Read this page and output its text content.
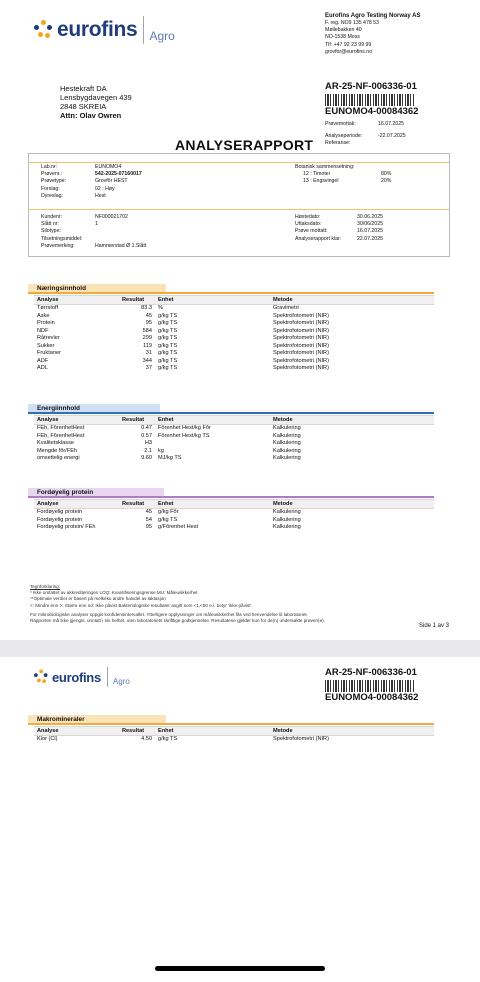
eurofins	Agro
Eurofins Agro Testing Norway AS
F. reg. NO9 135 478 53
Møllebakken 40
NO-1538 Moss
Tlf: +47 92 23 99 99
grovfor@eurofins.no
Hestekraft DA
Lensbygdavegen 439
2848 SKREIA
Attn: Olav Owren
AR-25-NF-006336-01
EUNOMO4-00084362
Prøvemottak:	16.07.2025
Analyseperiode:	-22.07.2025
Referanse:
ANALYSERAPPORT
Lab.nr:	EUNOMO4
Prøvenr.:	542-2025-07160017
Prøvetype:	Grovfôr HEST
Forslag:	02 : Høy
Dyreslag:	Hest
Botanisk sammensetning:
12 : Timotei	80%
13 : Engsvingel	20%
Kundenr:	NF000021702
Slått nr:	1
Silotype:
Tilsetningsmiddel:
Prøvemerking:	Hammerstad Ø 1.Slått
Høstedato:	30.06.2025
Uttaksdato:	30/06/2025
Prøve mottatt:	16.07.2025
Analyserapport klar:	22.07.2025
Næringsinnhold
Analyse	Resultat	Enhet	Metode
Tørrstoff	83.3	%	Gravimetri
Aske	45	g/kg TS	Spektrofotometri (NIR)
Protein	95	g/kg TS	Spektrofotometri (NIR)
NDF	584	g/kg TS	Spektrofotometri (NIR)
Råtrevler	299	g/kg TS	Spektrofotometri (NIR)
Sukker	119	g/kg TS	Spektrofotometri (NIR)
Fruktaner	31	g/kg TS	Spektrofotometri (NIR)
ADF	344	g/kg TS	Spektrofotometri (NIR)
ADL	37	g/kg TS	Spektrofotometri (NIR)
Energiinnhold
Analyse	Resultat	Enhet	Metode
FEh, FôrenhetHest	0.47	Fôrenhet Hest/kg Fôr	Kalkulering
FEh, FôrenhetHest	0.57	Fôrenhet Hest/kg TS	Kalkulering
Kvalitetsklasse	H3		Kalkulering
Mengde fôr/FEh	2.1	kg	Kalkulering
omsettelig energi	9.60	MJ/kg TS	Kalkulering
Fordøyelig protein
Analyse	Resultat	Enhet	Metode
Fordøyelig protein	45	g/kg Fôr	Kalkulering
Fordøyelig protein	54	g/kg TS	Kalkulering
Fordøyelig protein/ FEh	95	g/Fôrenhet Hest	Kalkulering
Tegnforklaring:
* Ikke omfattet av akkrediteringen LOQ: Kvantifiseringsgrense MU: Måleusikkerhet
**Optimale verdier er basert på melkeku andre halvdel av laktasjon
<: Mindre enn >: Større enn nd: Ikke påvist Bakteriologiske resultater angitt som <1,<50 e.l. betyr 'ikke påvist'.
For mikrobiologiske analyser oppgis konfidensintervallet. Ytterligere opplysninger om måleusikkerhet fås ved henvendelse til laboratoriet.
Rapporten må ikke gjengis, unntatt i sin helhet, uten laboratoriets skriftlige godkjennelse. Resultatene gjelder kun for de(n) undersøkte prøven(e).
Side 1 av 3
eurofins	Agro
AR-25-NF-006336-01
EUNOMO4-00084362
Makromineraler
Analyse	Resultat	Enhet	Metode
Klor (Cl)	4.50	g/kg TS	Spektrofotometri (NIR)
